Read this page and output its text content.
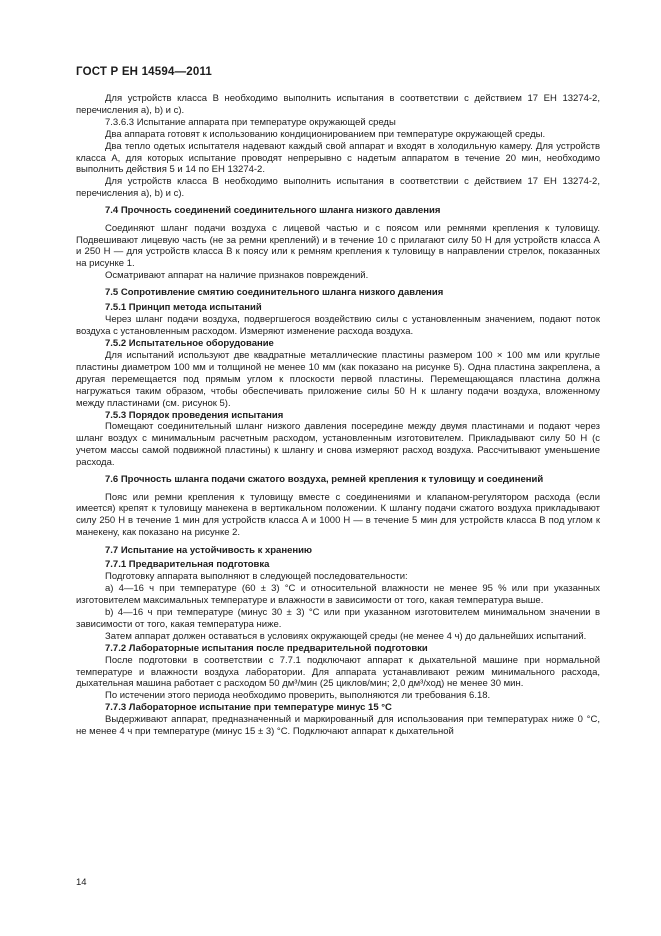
ГОСТ Р ЕН 14594—2011

Для устройств класса В необходимо выполнить испытания в соответствии с действием 17 ЕН 13274-2, перечисления a), b) и c).

7.3.6.3 Испытание аппарата при температуре окружающей среды

Два аппарата готовят к использованию кондиционированием при температуре окружающей среды.

Два тепло одетых испытателя надевают каждый свой аппарат и входят в холодильную камеру. Для устройств класса А, для которых испытание проводят непрерывно с надетым аппаратом в течение 20 мин, необходимо выполнить действия 5 и 14 по ЕН 13274-2.

Для устройств класса В необходимо выполнить испытания в соответствии с действием 17 ЕН 13274-2, перечисления a), b) и c).

7.4 Прочность соединений соединительного шланга низкого давления

Соединяют шланг подачи воздуха с лицевой частью и с поясом или ремнями крепления к туловищу. Подвешивают лицевую часть (не за ремни креплений) и в течение 10 с прилагают силу 50 Н для устройств класса А и 250 Н — для устройств класса В к поясу или к ремням крепления к туловищу в направлении стрелок, показанных на рисунке 1.

Осматривают аппарат на наличие признаков повреждений.

7.5 Сопротивление смятию соединительного шланга низкого давления

7.5.1 Принцип метода испытаний

Через шланг подачи воздуха, подвергшегося воздействию силы с установленным значением, подают поток воздуха с установленным расходом. Измеряют изменение расхода воздуха.

7.5.2 Испытательное оборудование

Для испытаний используют две квадратные металлические пластины размером 100 × 100 мм или круглые пластины диаметром 100 мм и толщиной не менее 10 мм (как показано на рисунке 5). Одна пластина закреплена, а другая перемещается под прямым углом к плоскости первой пластины. Перемещающаяся пластина должна нагружаться таким образом, чтобы обеспечивать приложение силы 50 Н к шлангу подачи воздуха, вложенному между пластинами (см. рисунок 5).

7.5.3 Порядок проведения испытания

Помещают соединительный шланг низкого давления посередине между двумя пластинами и подают через шланг воздух с минимальным расчетным расходом, установленным изготовителем. Прикладывают силу 50 Н (с учетом массы самой подвижной пластины) к шлангу и снова измеряют расход воздуха. Рассчитывают уменьшение расхода.

7.6 Прочность шланга подачи сжатого воздуха, ремней крепления к туловищу и соединений

Пояс или ремни крепления к туловищу вместе с соединениями и клапаном-регулятором расхода (если имеется) крепят к туловищу манекена в вертикальном положении. К шлангу подачи сжатого воздуха прикладывают силу 250 Н в течение 1 мин для устройств класса А и 1000 Н — в течение 5 мин для устройств класса В под углом к манекену, как показано на рисунке 2.

7.7 Испытание на устойчивость к хранению

7.7.1 Предварительная подготовка

Подготовку аппарата выполняют в следующей последовательности:

a) 4—16 ч при температуре (60 ± 3) °C и относительной влажности не менее 95 % или при указанных изготовителем максимальных температуре и влажности в зависимости от того, какая температура выше.

b) 4—16 ч при температуре (минус 30 ± 3) °C или при указанном изготовителем минимальном значении в зависимости от того, какая температура ниже.

Затем аппарат должен оставаться в условиях окружающей среды (не менее 4 ч) до дальнейших испытаний.

7.7.2 Лабораторные испытания после предварительной подготовки

После подготовки в соответствии с 7.7.1 подключают аппарат к дыхательной машине при нормальной температуре и влажности воздуха лаборатории. Для аппарата устанавливают режим минимального расхода, дыхательная машина работает с расходом 50 дм³/мин (25 циклов/мин; 2,0 дм³/ход) не менее 30 мин.

По истечении этого периода необходимо проверить, выполняются ли требования 6.18.

7.7.3 Лабораторное испытание при температуре минус 15 °C

Выдерживают аппарат, предназначенный и маркированный для использования при температурах ниже 0 °C, не менее 4 ч при температуре (минус 15 ± 3) °C. Подключают аппарат к дыхательной

14
